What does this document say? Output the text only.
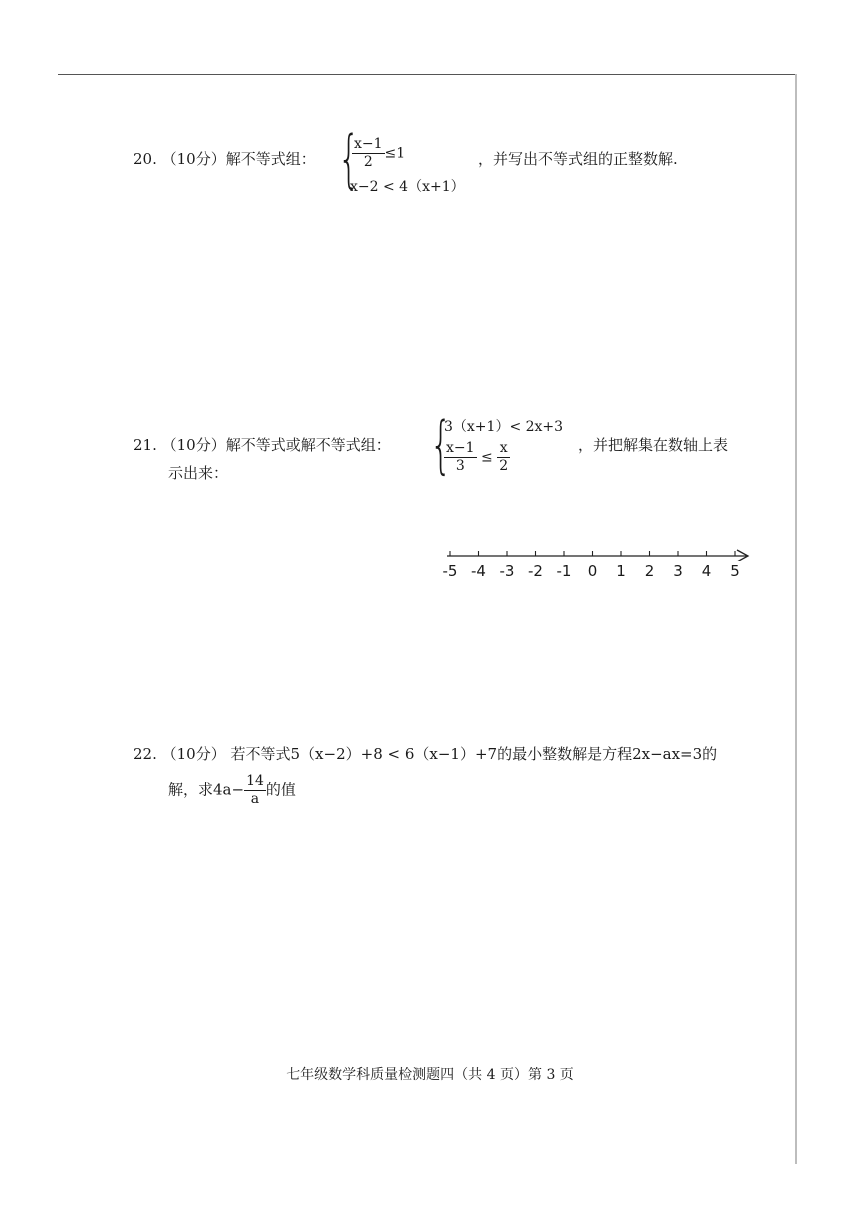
20. （10分）解不等式组： {
$\frac{x-1}{2} \le 1$
x−2 < 4（x+1）
，并写出不等式组的正整数解.
21. （10分）解不等式或解不等式组： {
3（x+1）< 2x+3
$\frac{x-1}{3} \le \frac{x}{2}$	，并把解集在数轴上表
示出来：
-5 -4 -3 -2 -1 0 1 2 3 4 5
22. （10分） 若不等式5（x−2）+8 < 6（x−1）+7的最小整数解是方程2x−ax=3的
解，求$4a- \frac{14}{a}$ 的值
七年级数学科质量检测题四（共 4 页）第 3 页
